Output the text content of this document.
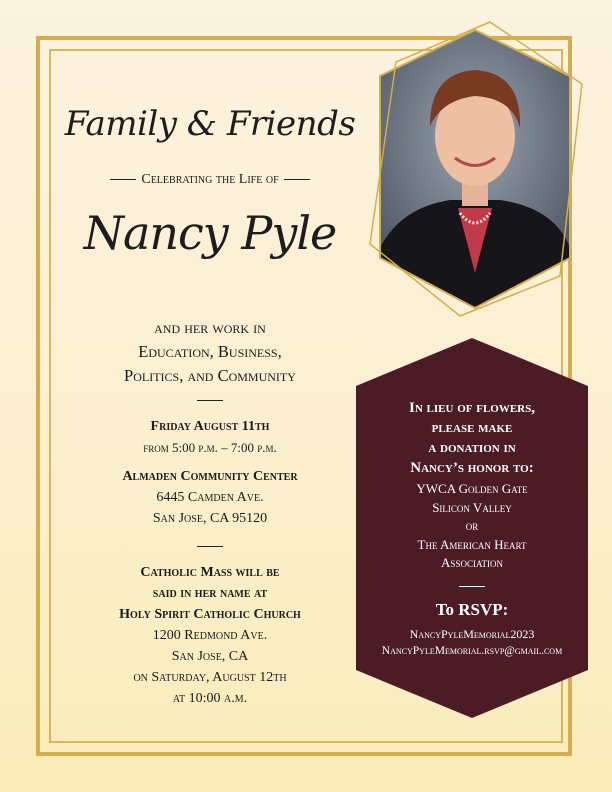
Family & Friends
Celebrating the Life of
Nancy Pyle
and her work in
Education, Business,
Politics, and Community
Friday August 11th
from 5:00 p.m. – 7:00 p.m.
Almaden Community Center
6445 Camden Ave.
San Jose, CA 95120
Catholic Mass will be
said in her name at
Holy Spirit Catholic Church
1200 Redmond Ave.
San Jose, CA
on Saturday, August 12th
at 10:00 a.m.
In lieu of flowers,
please make
a donation in
Nancy’s honor to:
YWCA Golden Gate
Silicon Valley
or
The American Heart
Association
To RSVP:
NancyPyleMemorial2023
NancyPyleMemorial.rsvp@gmail.com
